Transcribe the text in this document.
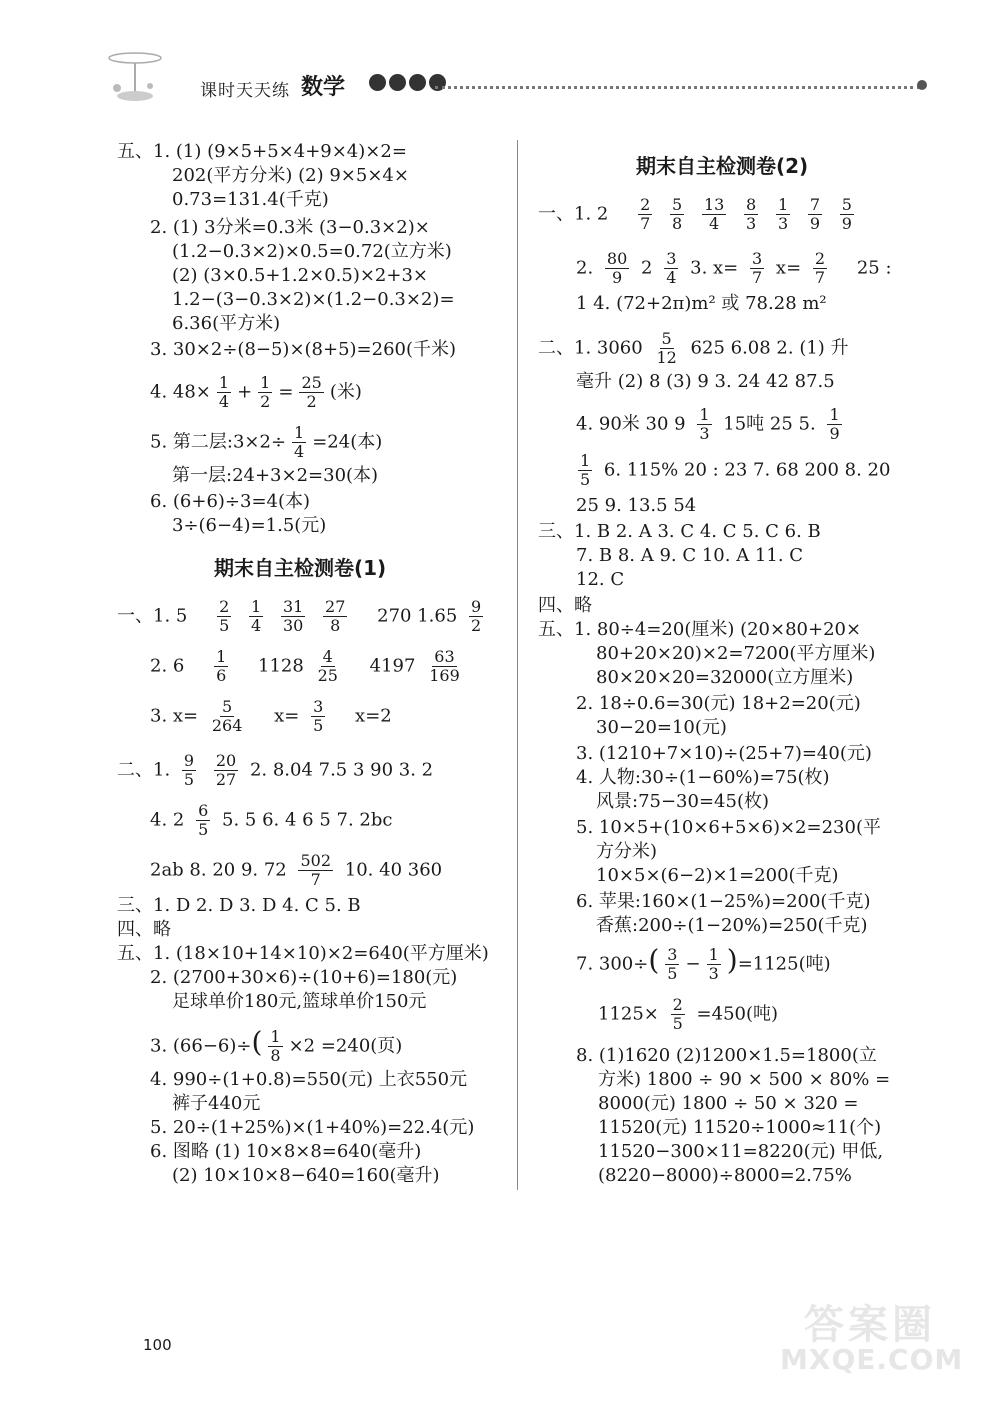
课时天天练 数学
五、1. (1) (9×5+5×4+9×4)×2=
202(平方分米) (2) 9×5×4×
0.73=131.4(千克)
2. (1) 3分米=0.3米 (3−0.3×2)×
(1.2−0.3×2)×0.5=0.72(立方米)
(2) (3×0.5+1.2×0.5)×2+3×
1.2−(3−0.3×2)×(1.2−0.3×2)=
6.36(平方米)
3. 30×2÷(8−5)×(8+5)=260(千米)
4. $48\times \frac{1}{4} + \frac{1}{2} = \frac{25}{2}$ (米)
5. 第二层:3×2÷ $\frac{1}{4} =24$(本)
第一层:24+3×2=30(本)
6. (6+6)÷3=4(本)
3÷(6−4)=1.5(元)
期末自主检测卷(1)
一、1. $5 \frac{2}{5}$
$\frac{1}{4}$
$\frac{31}{30}$
$\frac{27}{8} 270$ $1.65 \frac{9}{2}$
2. $6 \frac{1}{6} 1128 \frac{4}{25} 4197 \frac{63}{169}$
3. $x= \frac{5}{264} x= \frac{3}{5} x=2$
二、1. $\frac{9}{5}$
$\frac{20}{27} 2$. 8.04 7.5 3 90 3. 2
4. $2 \frac{6}{5} 5$. 5 6. 4 6 5 7. 2bc
2ab 8. 20 9. $72 \frac{502}{7} 10$. 40 360
三、1. D 2. D 3. D 4. C 5. B
四、略
五、1. (18×10+14×10)×2=640(平方厘米)
2. (2700+30×6)÷(10+6)=180(元)
足球单价180元,篮球单价150元
3. $(66-6)\div( \frac{1}{8} \times 2 =240$(页)
4. 990÷(1+0.8)=550(元) 上衣550元
裤子440元
5. 20÷(1+25%)×(1+40%)=22.4(元)
6. 图略 (1) 10×8×8=640(毫升)
(2) 10×10×8−640=160(毫升)
期末自主检测卷(2)
一、1. $2 \frac{2}{7}$
$\frac{5}{8}$
$\frac{13}{4}$
$\frac{8}{3}$
$\frac{1}{3}$
$\frac{7}{9}$
$\frac{5}{9}$
2. $\frac{80}{9} 2 \frac{3}{4} 3$. $x= \frac{3}{7} x= \frac{2}{7} 25$ :
1 4. (72+2π)m² 或 78.28 m²
二、1. $3060 \frac{5}{12} 625$ 6.08 2. (1) 升
毫升 (2) 8 (3) 9 3. 24 42 87.5
4. 90米 30 $9 \frac{1}{3} 15$吨 25 5. $\frac{1}{9}$
$\frac{1}{5} 6$. 115% 20 : 23 7. 68 200 8. 20
25 9. 13.5 54
三、1. B 2. A 3. C 4. C 5. C 6. B
7. B 8. A 9. C 10. A 11. C
12. C
四、略
五、1. 80÷4=20(厘米) (20×80+20×
80+20×20)×2=7200(平方厘米)
80×20×20=32000(立方厘米)
2. 18÷0.6=30(元) 18+2=20(元)
30−20=10(元)
3. (1210+7×10)÷(25+7)=40(元)
4. 人物:30÷(1−60%)=75(枚)
风景:75−30=45(枚)
5. 10×5+(10×6+5×6)×2=230(平
方分米)
10×5×(6−2)×1=200(千克)
6. 苹果:160×(1−25%)=200(千克)
香蕉:200÷(1−20%)=250(千克)
7. $300\div( \frac{3}{5} - \frac{1}{3} )=1125$(吨)
$1125\times \frac{2}{5} =450$(吨)
8. (1)1620 (2)1200×1.5=1800(立
方米) 1800 ÷ 90 × 500 × 80% =
8000(元) 1800 ÷ 50 × 320 =
11520(元) 11520÷1000≈11(个)
11520−300×11=8220(元) 甲低,
(8220−8000)÷8000=2.75%
100	答案圈
MXQE.COM
